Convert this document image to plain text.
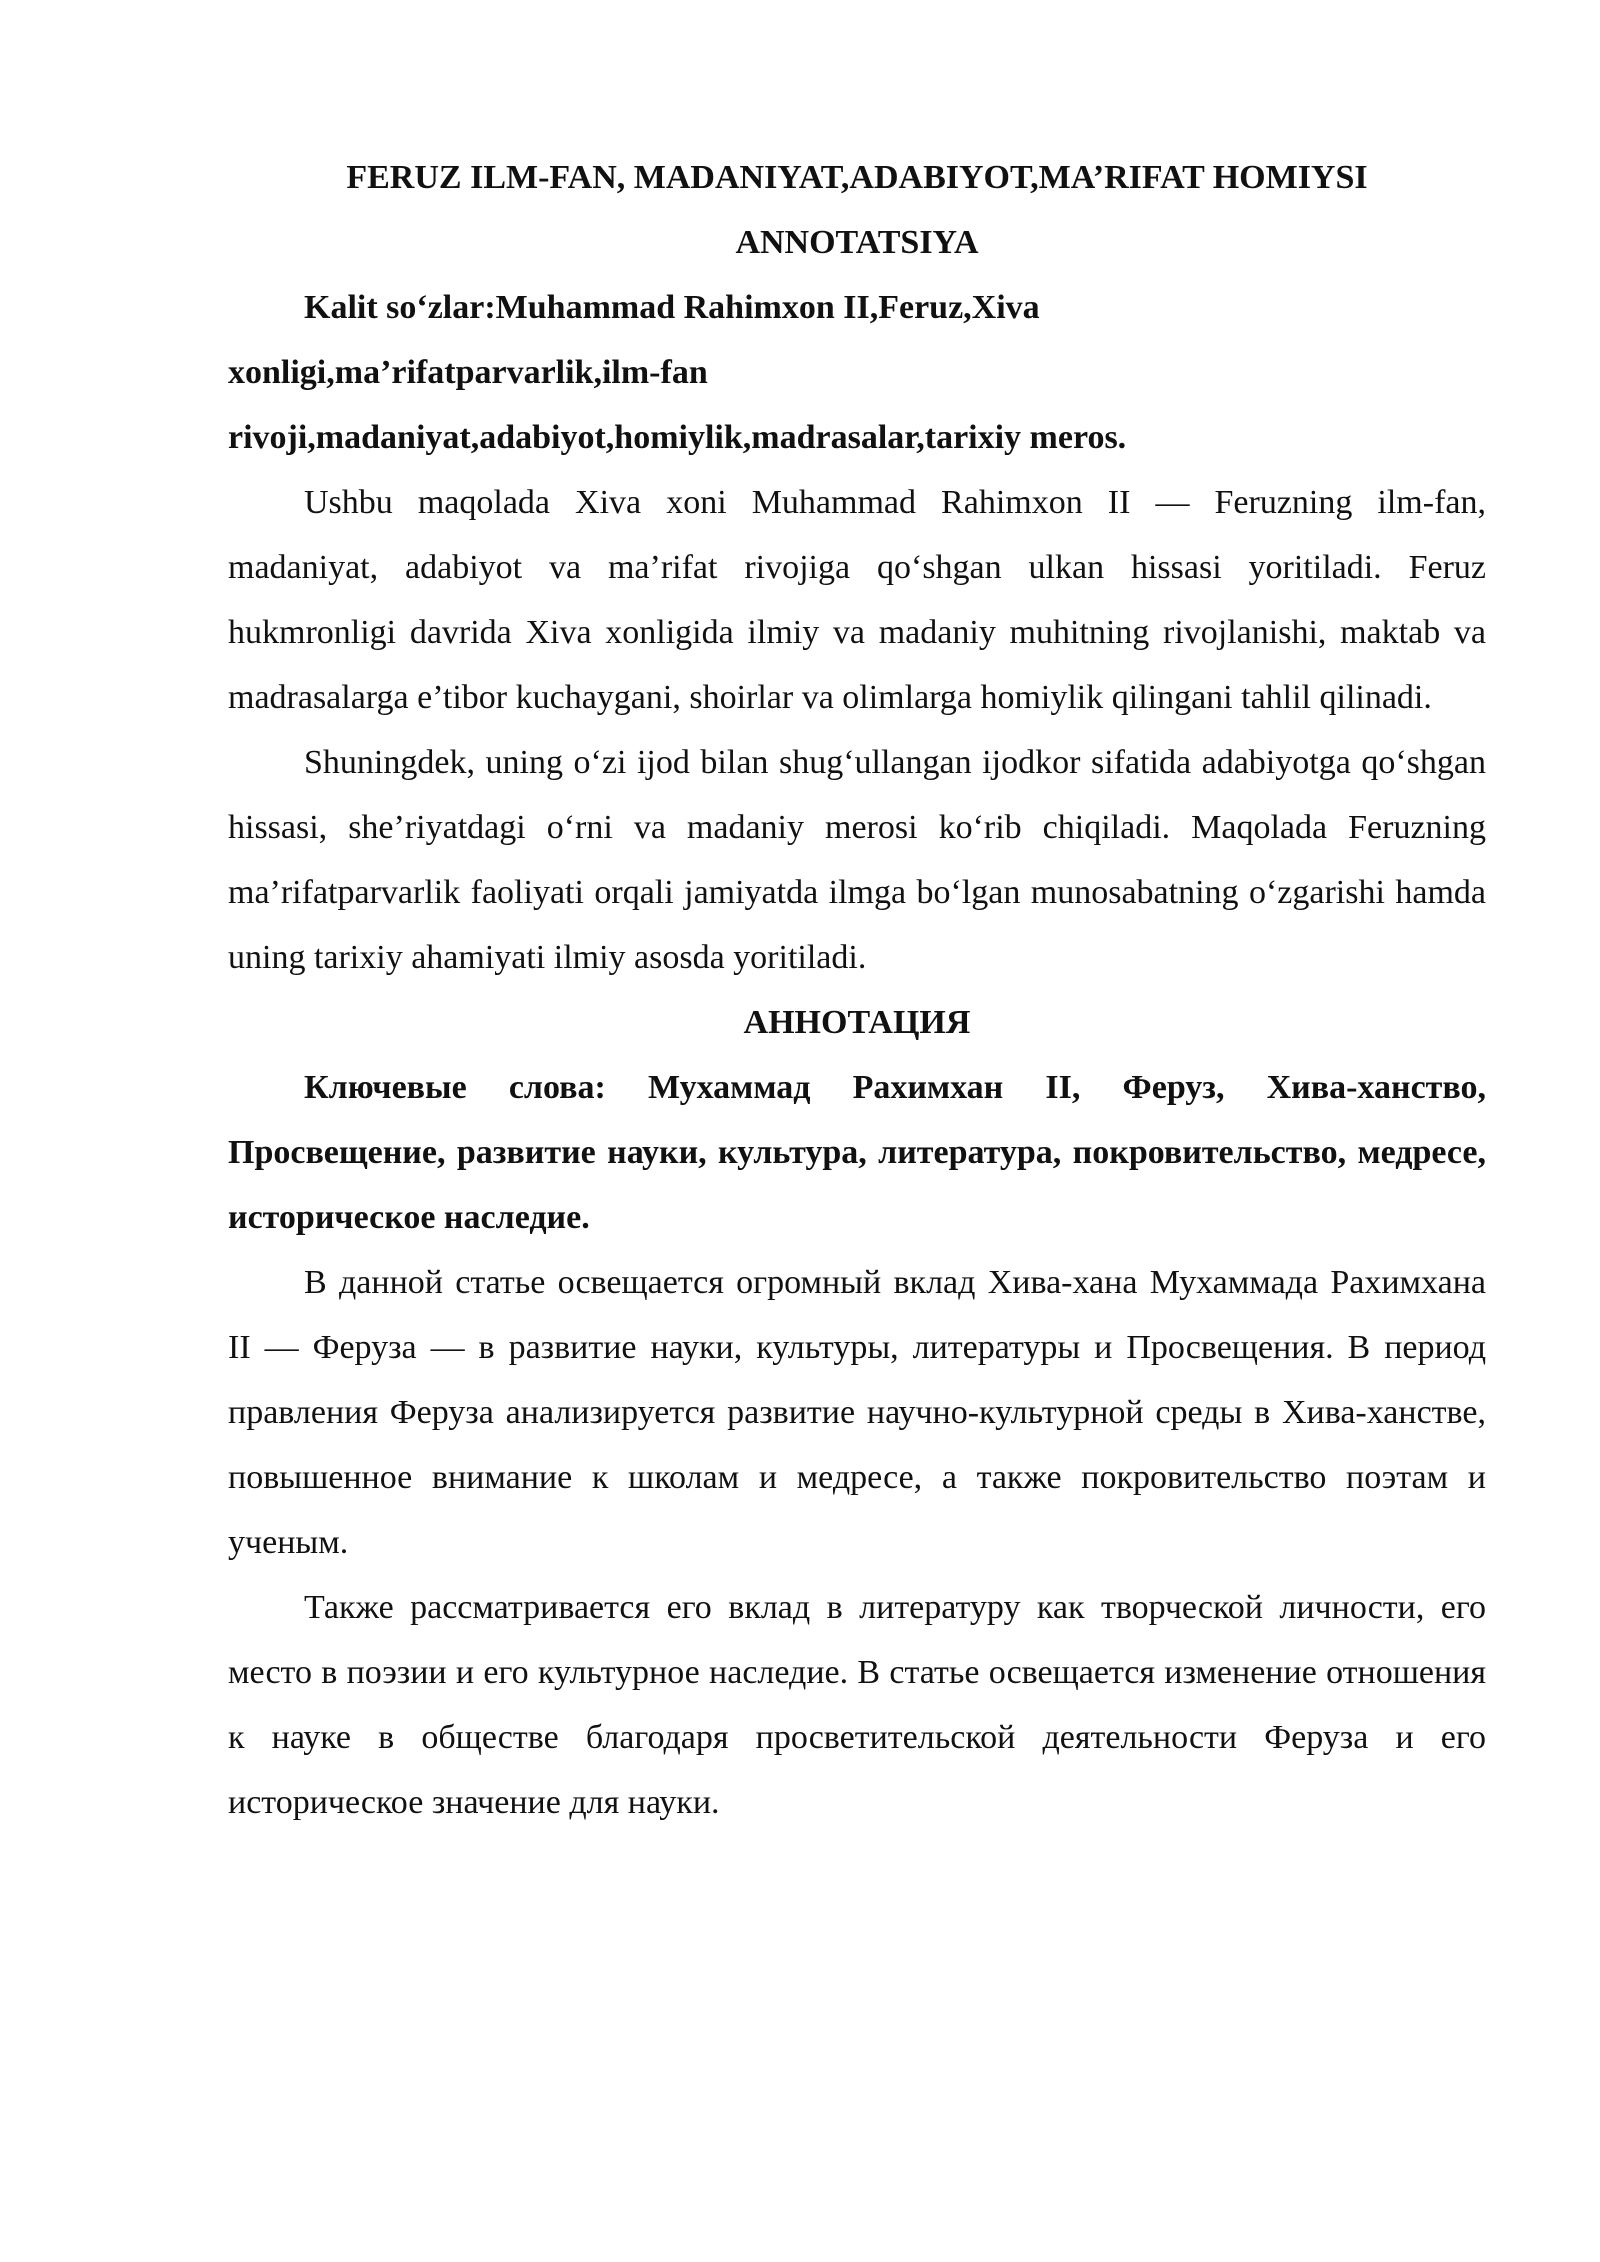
FERUZ ILM-FAN, MADANIYAT,ADABIYOT,MA’RIFAT HOMIYSI

ANNOTATSIYA

Kalit so‘zlar:Muhammad Rahimxon II,Feruz,Xiva
xonligi,ma’rifatparvarlik,ilm-fan
rivoji,madaniyat,adabiyot,homiylik,madrasalar,tarixiy meros.

Ushbu maqolada Xiva xoni Muhammad Rahimxon II — Feruzning ilm-fan, madaniyat, adabiyot va ma’rifat rivojiga qo‘shgan ulkan hissasi yoritiladi. Feruz hukmronligi davrida Xiva xonligida ilmiy va madaniy muhitning rivojlanishi, maktab va madrasalarga e’tibor kuchaygani, shoirlar va olimlarga homiylik qilingani tahlil qilinadi.

Shuningdek, uning o‘zi ijod bilan shug‘ullangan ijodkor sifatida adabiyotga qo‘shgan hissasi, she’riyatdagi o‘rni va madaniy merosi ko‘rib chiqiladi. Maqolada Feruzning ma’rifatparvarlik faoliyati orqali jamiyatda ilmga bo‘lgan munosabatning o‘zgarishi hamda uning tarixiy ahamiyati ilmiy asosda yoritiladi.

АННОТАЦИЯ

Ключевые слова: Мухаммад Рахимхан II, Феруз, Хива-ханство, Просвещение, развитие науки, культура, литература, покровительство, медресе, историческое наследие.

В данной статье освещается огромный вклад Хива-хана Мухаммада Рахимхана II — Феруза — в развитие науки, культуры, литературы и Просвещения. В период правления Феруза анализируется развитие научно-культурной среды в Хива-ханстве, повышенное внимание к школам и медресе, а также покровительство поэтам и ученым.

Также рассматривается его вклад в литературу как творческой личности, его место в поэзии и его культурное наследие. В статье освещается изменение отношения к науке в обществе благодаря просветительской деятельности Феруза и его историческое значение для науки.
